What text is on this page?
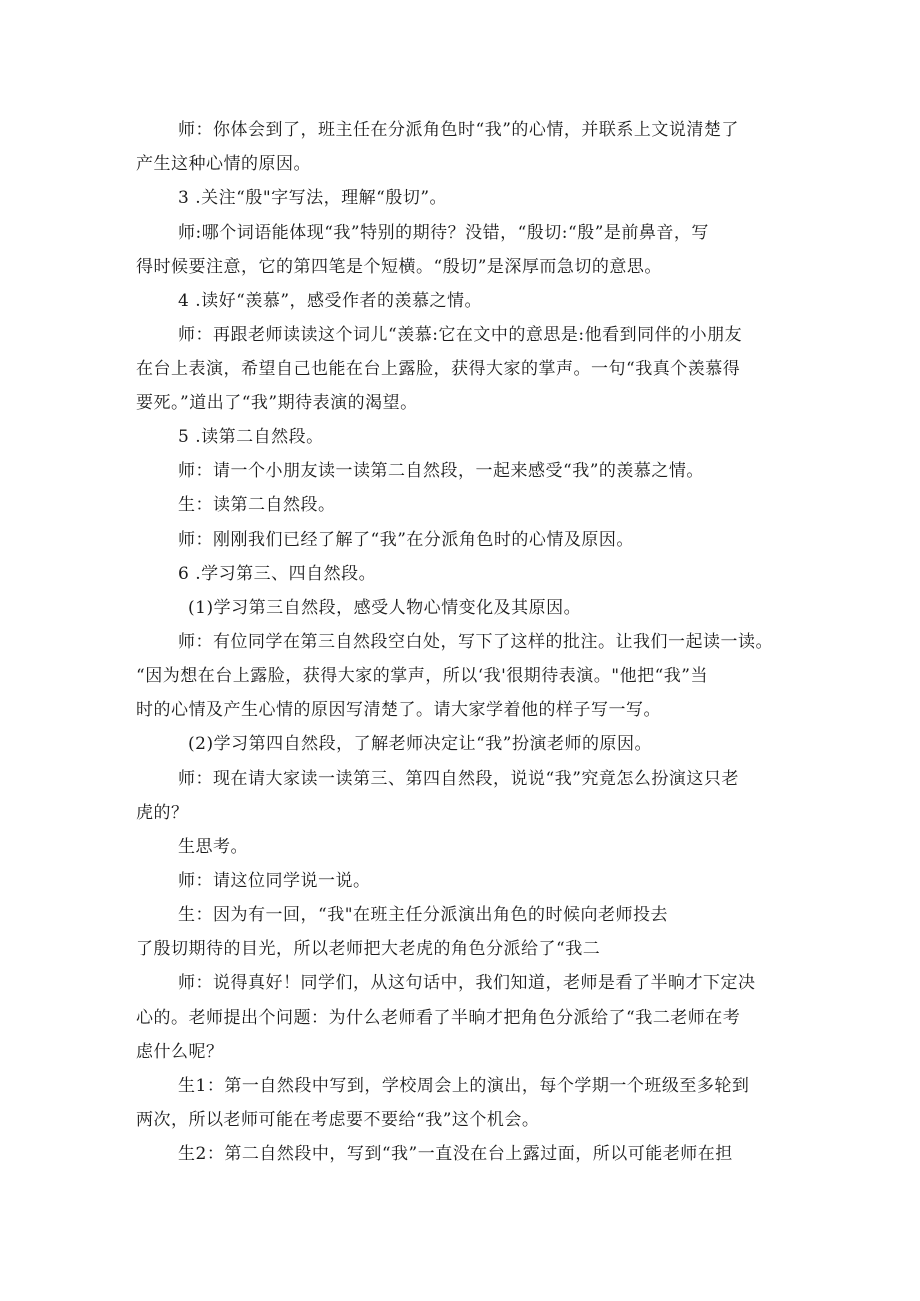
师：你体会到了，班主任在分派角色时“我”的心情，并联系上文说清楚了
产生这种心情的原因。
3 .关注“殷"字写法，理解“殷切”。
师:哪个词语能体现“我”特别的期待？没错，“殷切:“殷”是前鼻音，写
得时候要注意，它的第四笔是个短横。“殷切”是深厚而急切的意思。
4 .读好“羡慕”，感受作者的羡慕之情。
师：再跟老师读读这个词儿“羡慕:它在文中的意思是:他看到同伴的小朋友
在台上表演，希望自己也能在台上露脸，获得大家的掌声。一句“我真个羡慕得
要死。”道出了“我”期待表演的渴望。
5 .读第二自然段。
师：请一个小朋友读一读第二自然段，一起来感受“我”的羡慕之情。
生：读第二自然段。
师：刚刚我们已经了解了“我”在分派角色时的心情及原因。
6 .学习第三、四自然段。
(1)学习第三自然段，感受人物心情变化及其原因。
师：有位同学在第三自然段空白处，写下了这样的批注。让我们一起读一读。
“因为想在台上露脸，获得大家的掌声，所以‘我'很期待表演。"他把“我”当
时的心情及产生心情的原因写清楚了。请大家学着他的样子写一写。
(2)学习第四自然段，了解老师决定让“我”扮演老师的原因。
师：现在请大家读一读第三、第四自然段，说说“我”究竟怎么扮演这只老
虎的？
生思考。
师：请这位同学说一说。
生：因为有一回，“我"在班主任分派演出角色的时候向老师投去
了殷切期待的目光，所以老师把大老虎的角色分派给了“我二
师：说得真好！同学们，从这句话中，我们知道，老师是看了半晌才下定决
心的。老师提出个问题：为什么老师看了半晌才把角色分派给了“我二老师在考
虑什么呢？
生1：第一自然段中写到，学校周会上的演出，每个学期一个班级至多轮到
两次，所以老师可能在考虑要不要给“我”这个机会。
生2：第二自然段中，写到“我”一直没在台上露过面，所以可能老师在担
